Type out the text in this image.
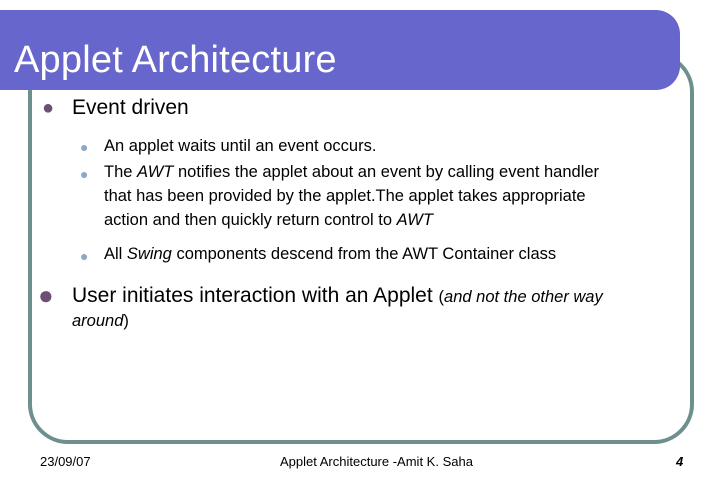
Applet Architecture
● Event driven
● An applet waits until an event occurs.
● The AWT notifies the applet about an event by calling event handler
that has been provided by the applet.The applet takes appropriate
action and then quickly return control to AWT
● All Swing components descend from the AWT Container class
● User initiates interaction with an Applet (and not the other way
around)
23/09/07	Applet Architecture -Amit K. Saha	4
